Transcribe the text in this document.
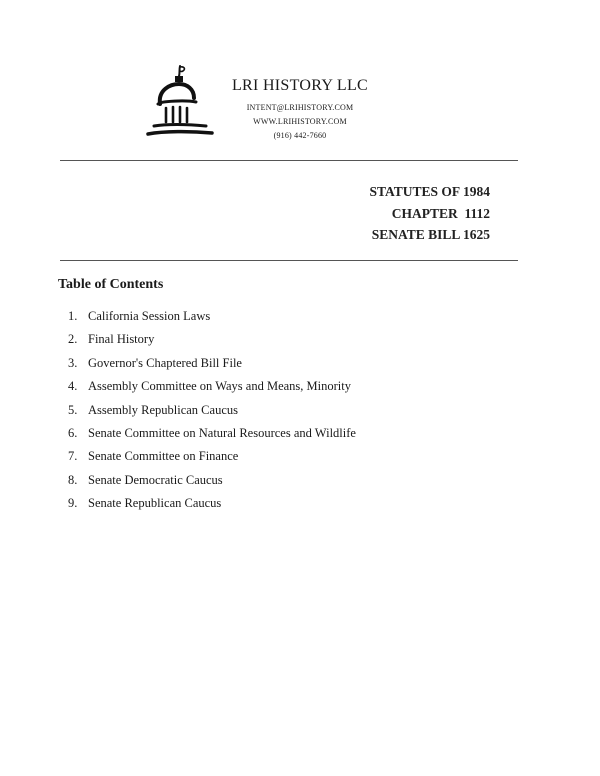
LRI HISTORY LLC
INTENT@LRIHISTORY.COM
WWW.LRIHISTORY.COM
(916) 442-7660
STATUTES OF 1984
CHAPTER  1112
SENATE BILL 1625
Table of Contents
1. California Session Laws
2. Final History
3. Governor's Chaptered Bill File
4. Assembly Committee on Ways and Means, Minority
5. Assembly Republican Caucus
6. Senate Committee on Natural Resources and Wildlife
7. Senate Committee on Finance
8. Senate Democratic Caucus
9. Senate Republican Caucus
